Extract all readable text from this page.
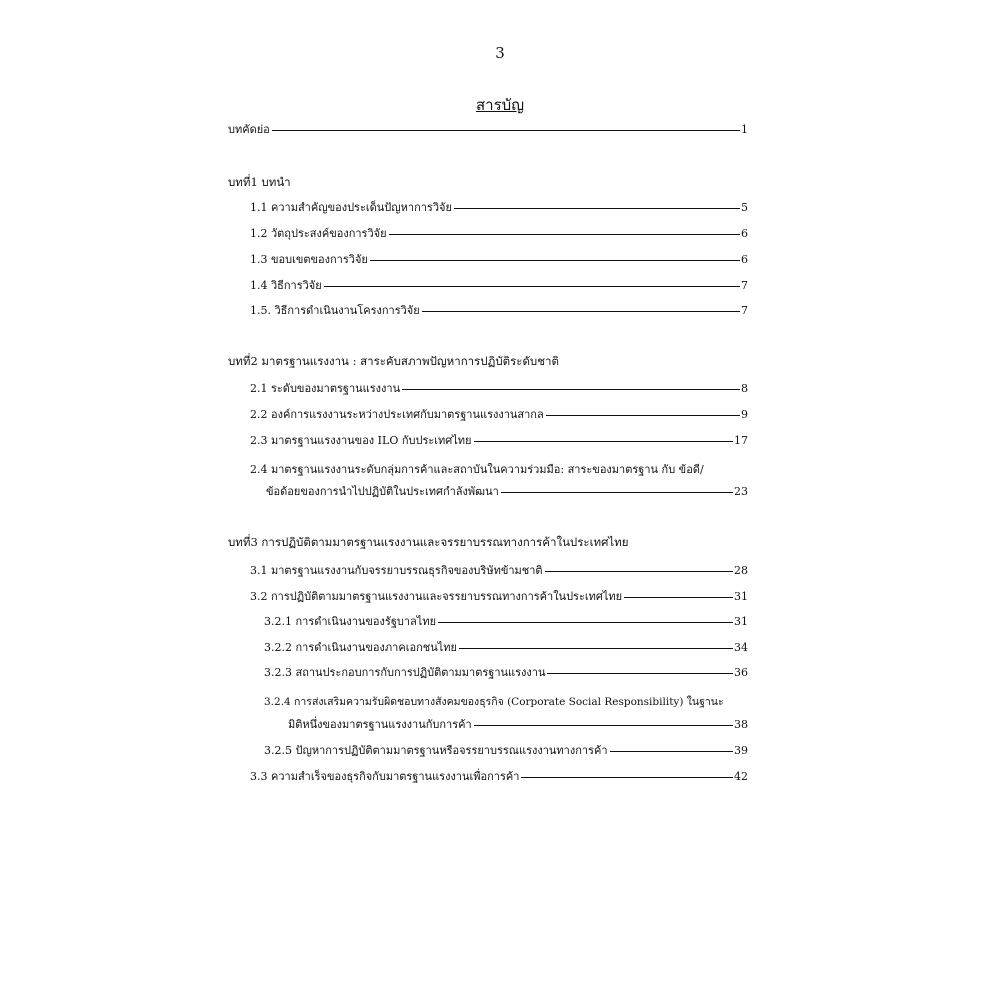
3
สารบัญ
บทคัดย่อ	1
บทที่1 บทนำ
1.1 ความสำคัญของประเด็นปัญหาการวิจัย	5
1.2 วัตถุประสงค์ของการวิจัย	6
1.3 ขอบเขตของการวิจัย	6
1.4 วิธีการวิจัย	7
1.5. วิธีการดำเนินงานโครงการวิจัย	7
บทที่2 มาตรฐานแรงงาน : สาระคับสภาพปัญหาการปฏิบัติระดับชาติ
2.1 ระดับของมาตรฐานแรงงาน	8
2.2 องค์การแรงงานระหว่างประเทศกับมาตรฐานแรงงานสากล	9
2.3 มาตรฐานแรงงานของ ILO กับประเทศไทย	17
2.4 มาตรฐานแรงงานระดับกลุ่มการค้าและสถาบันในความร่วมมือ: สาระของมาตรฐาน กับ ข้อดี/
ข้อด้อยของการนำไปปฏิบัติในประเทศกำลังพัฒนา	23
บทที่3 การปฏิบัติตามมาตรฐานแรงงานและจรรยาบรรณทางการค้าในประเทศไทย
3.1 มาตรฐานแรงงานกับจรรยาบรรณธุรกิจของบริษัทข้ามชาติ	28
3.2 การปฏิบัติตามมาตรฐานแรงงานและจรรยาบรรณทางการค้าในประเทศไทย	31
3.2.1 การดำเนินงานของรัฐบาลไทย	31
3.2.2 การดำเนินงานของภาคเอกชนไทย	34
3.2.3 สถานประกอบการกับการปฏิบัติตามมาตรฐานแรงงาน	36
3.2.4 การส่งเสริมความรับผิดชอบทางสังคมของธุรกิจ (Corporate Social Responsibility) ในฐานะ
มิติหนึ่งของมาตรฐานแรงงานกับการค้า	38
3.2.5 ปัญหาการปฏิบัติตามมาตรฐานหรือจรรยาบรรณแรงงานทางการค้า	39
3.3 ความสำเร็จของธุรกิจกับมาตรฐานแรงงานเพื่อการค้า	42
